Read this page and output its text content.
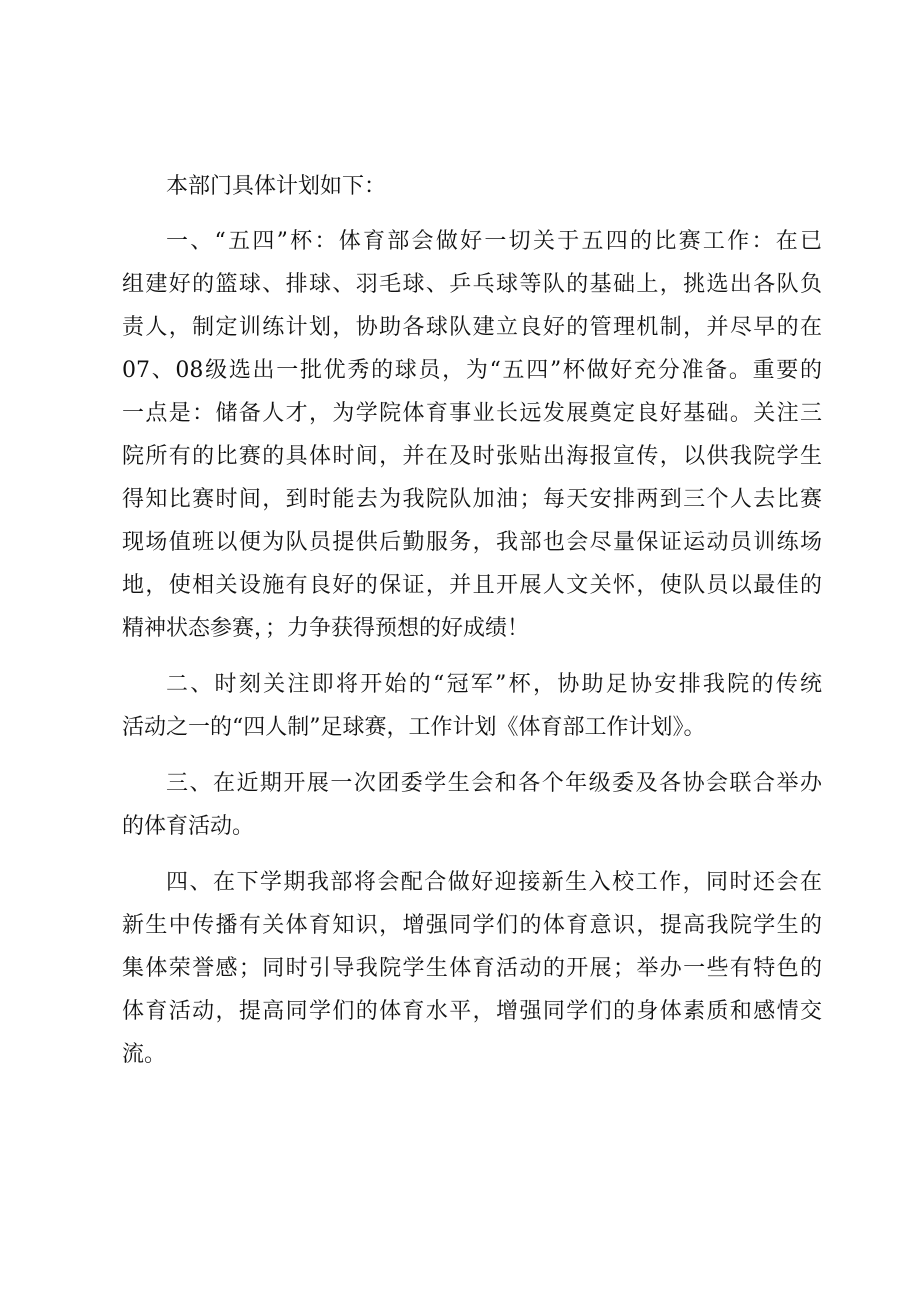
本部门具体计划如下：
一、“五四”杯：体育部会做好一切关于五四的比赛工作：在已
组建好的篮球、排球、羽毛球、乒乓球等队的基础上，挑选出各队负
责人，制定训练计划，协助各球队建立良好的管理机制，并尽早的在
07、08级选出一批优秀的球员，为“五四”杯做好充分准备。重要的
一点是：储备人才，为学院体育事业长远发展奠定良好基础。关注三
院所有的比赛的具体时间，并在及时张贴出海报宣传，以供我院学生
得知比赛时间，到时能去为我院队加油；每天安排两到三个人去比赛
现场值班以便为队员提供后勤服务，我部也会尽量保证运动员训练场
地，使相关设施有良好的保证，并且开展人文关怀，使队员以最佳的
精神状态参赛，；力争获得预想的好成绩！
二、时刻关注即将开始的“冠军”杯，协助足协安排我院的传统
活动之一的“四人制”足球赛，工作计划《体育部工作计划》。
三、在近期开展一次团委学生会和各个年级委及各协会联合举办
的体育活动。
四、在下学期我部将会配合做好迎接新生入校工作，同时还会在
新生中传播有关体育知识，增强同学们的体育意识，提高我院学生的
集体荣誉感；同时引导我院学生体育活动的开展；举办一些有特色的
体育活动，提高同学们的体育水平，增强同学们的身体素质和感情交
流。
